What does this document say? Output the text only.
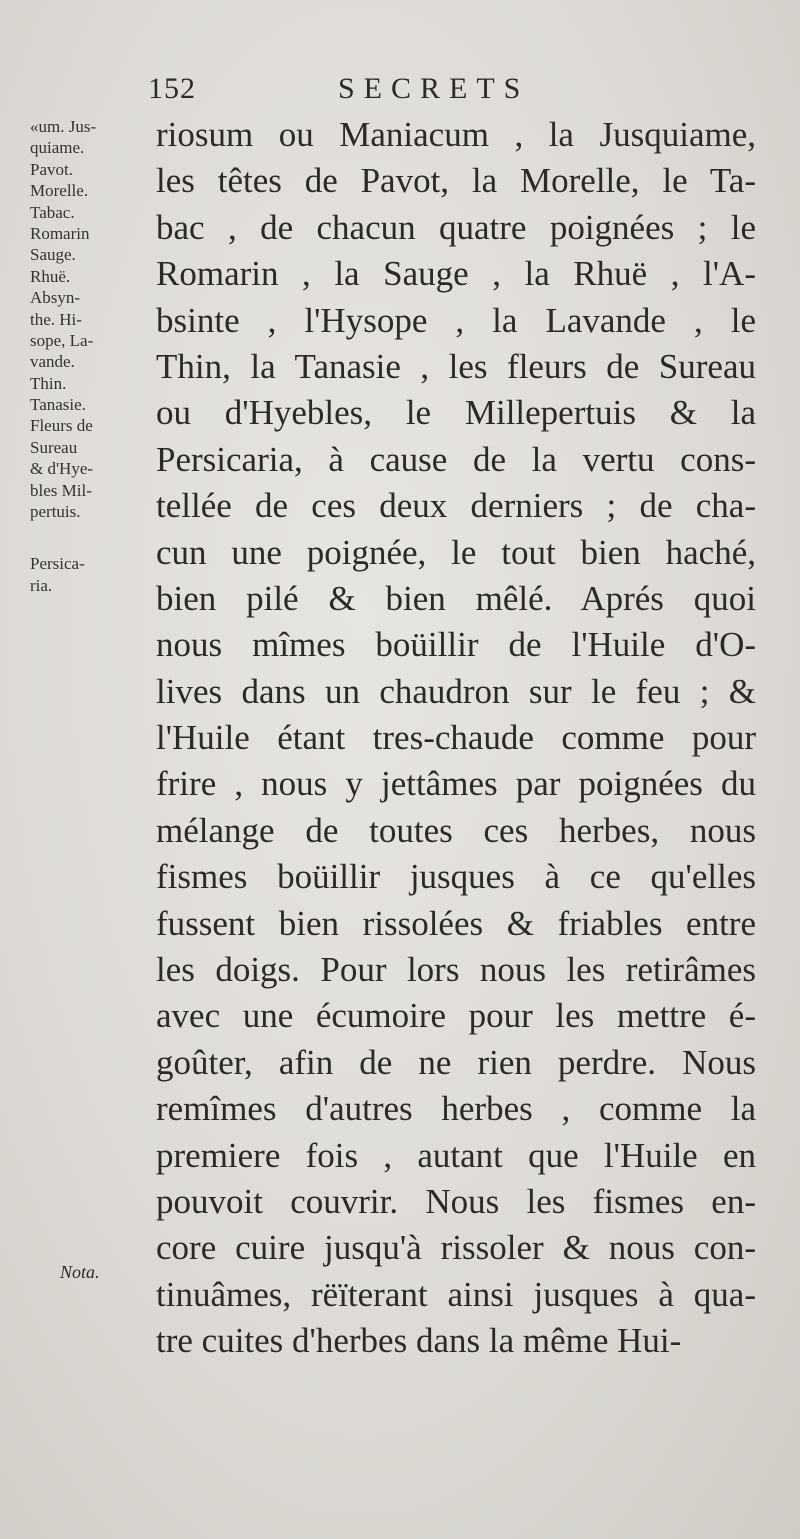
152	SECRETS
«um. Jus-
quiame.
Pavot.
Morelle.
Tabac.
Romarin
Sauge.
Rhuë.
Absyn-
the. Hi-
sope, La-
vande.
Thin.
Tanasie.
Fleurs de
Sureau
& d'Hye-
bles Mil-
pertuis.
Persica-
ria.
riosum ou Maniacum , la Jusquiame,
les têtes de Pavot, la Morelle, le Ta-
bac , de chacun quatre poignées ; le
Romarin , la Sauge , la Rhuë , l'A-
bsinte , l'Hysope , la Lavande , le
Thin, la Tanasie , les fleurs de Sureau
ou d'Hyebles, le Millepertuis & la
Persicaria, à cause de la vertu cons-
tellée de ces deux derniers ; de cha-
cun une poignée, le tout bien haché,
bien pilé & bien mêlé. Aprés quoi
nous mîmes boüillir de l'Huile d'O-
lives dans un chaudron sur le feu ; &
l'Huile étant tres-chaude comme pour
frire , nous y jettâmes par poignées du
mélange de toutes ces herbes, nous
fismes boüillir jusques à ce qu'elles
fussent bien rissolées & friables entre
les doigs. Pour lors nous les retirâmes
avec une écumoire pour les mettre é-
goûter, afin de ne rien perdre. Nous
remîmes d'autres herbes , comme la
premiere fois , autant que l'Huile en
pouvoit couvrir. Nous les fismes en-
core cuire jusqu'à rissoler & nous con-
tinuâmes, rëïterant ainsi jusques à qua-
tre cuites d'herbes dans la même Hui-
Nota.
